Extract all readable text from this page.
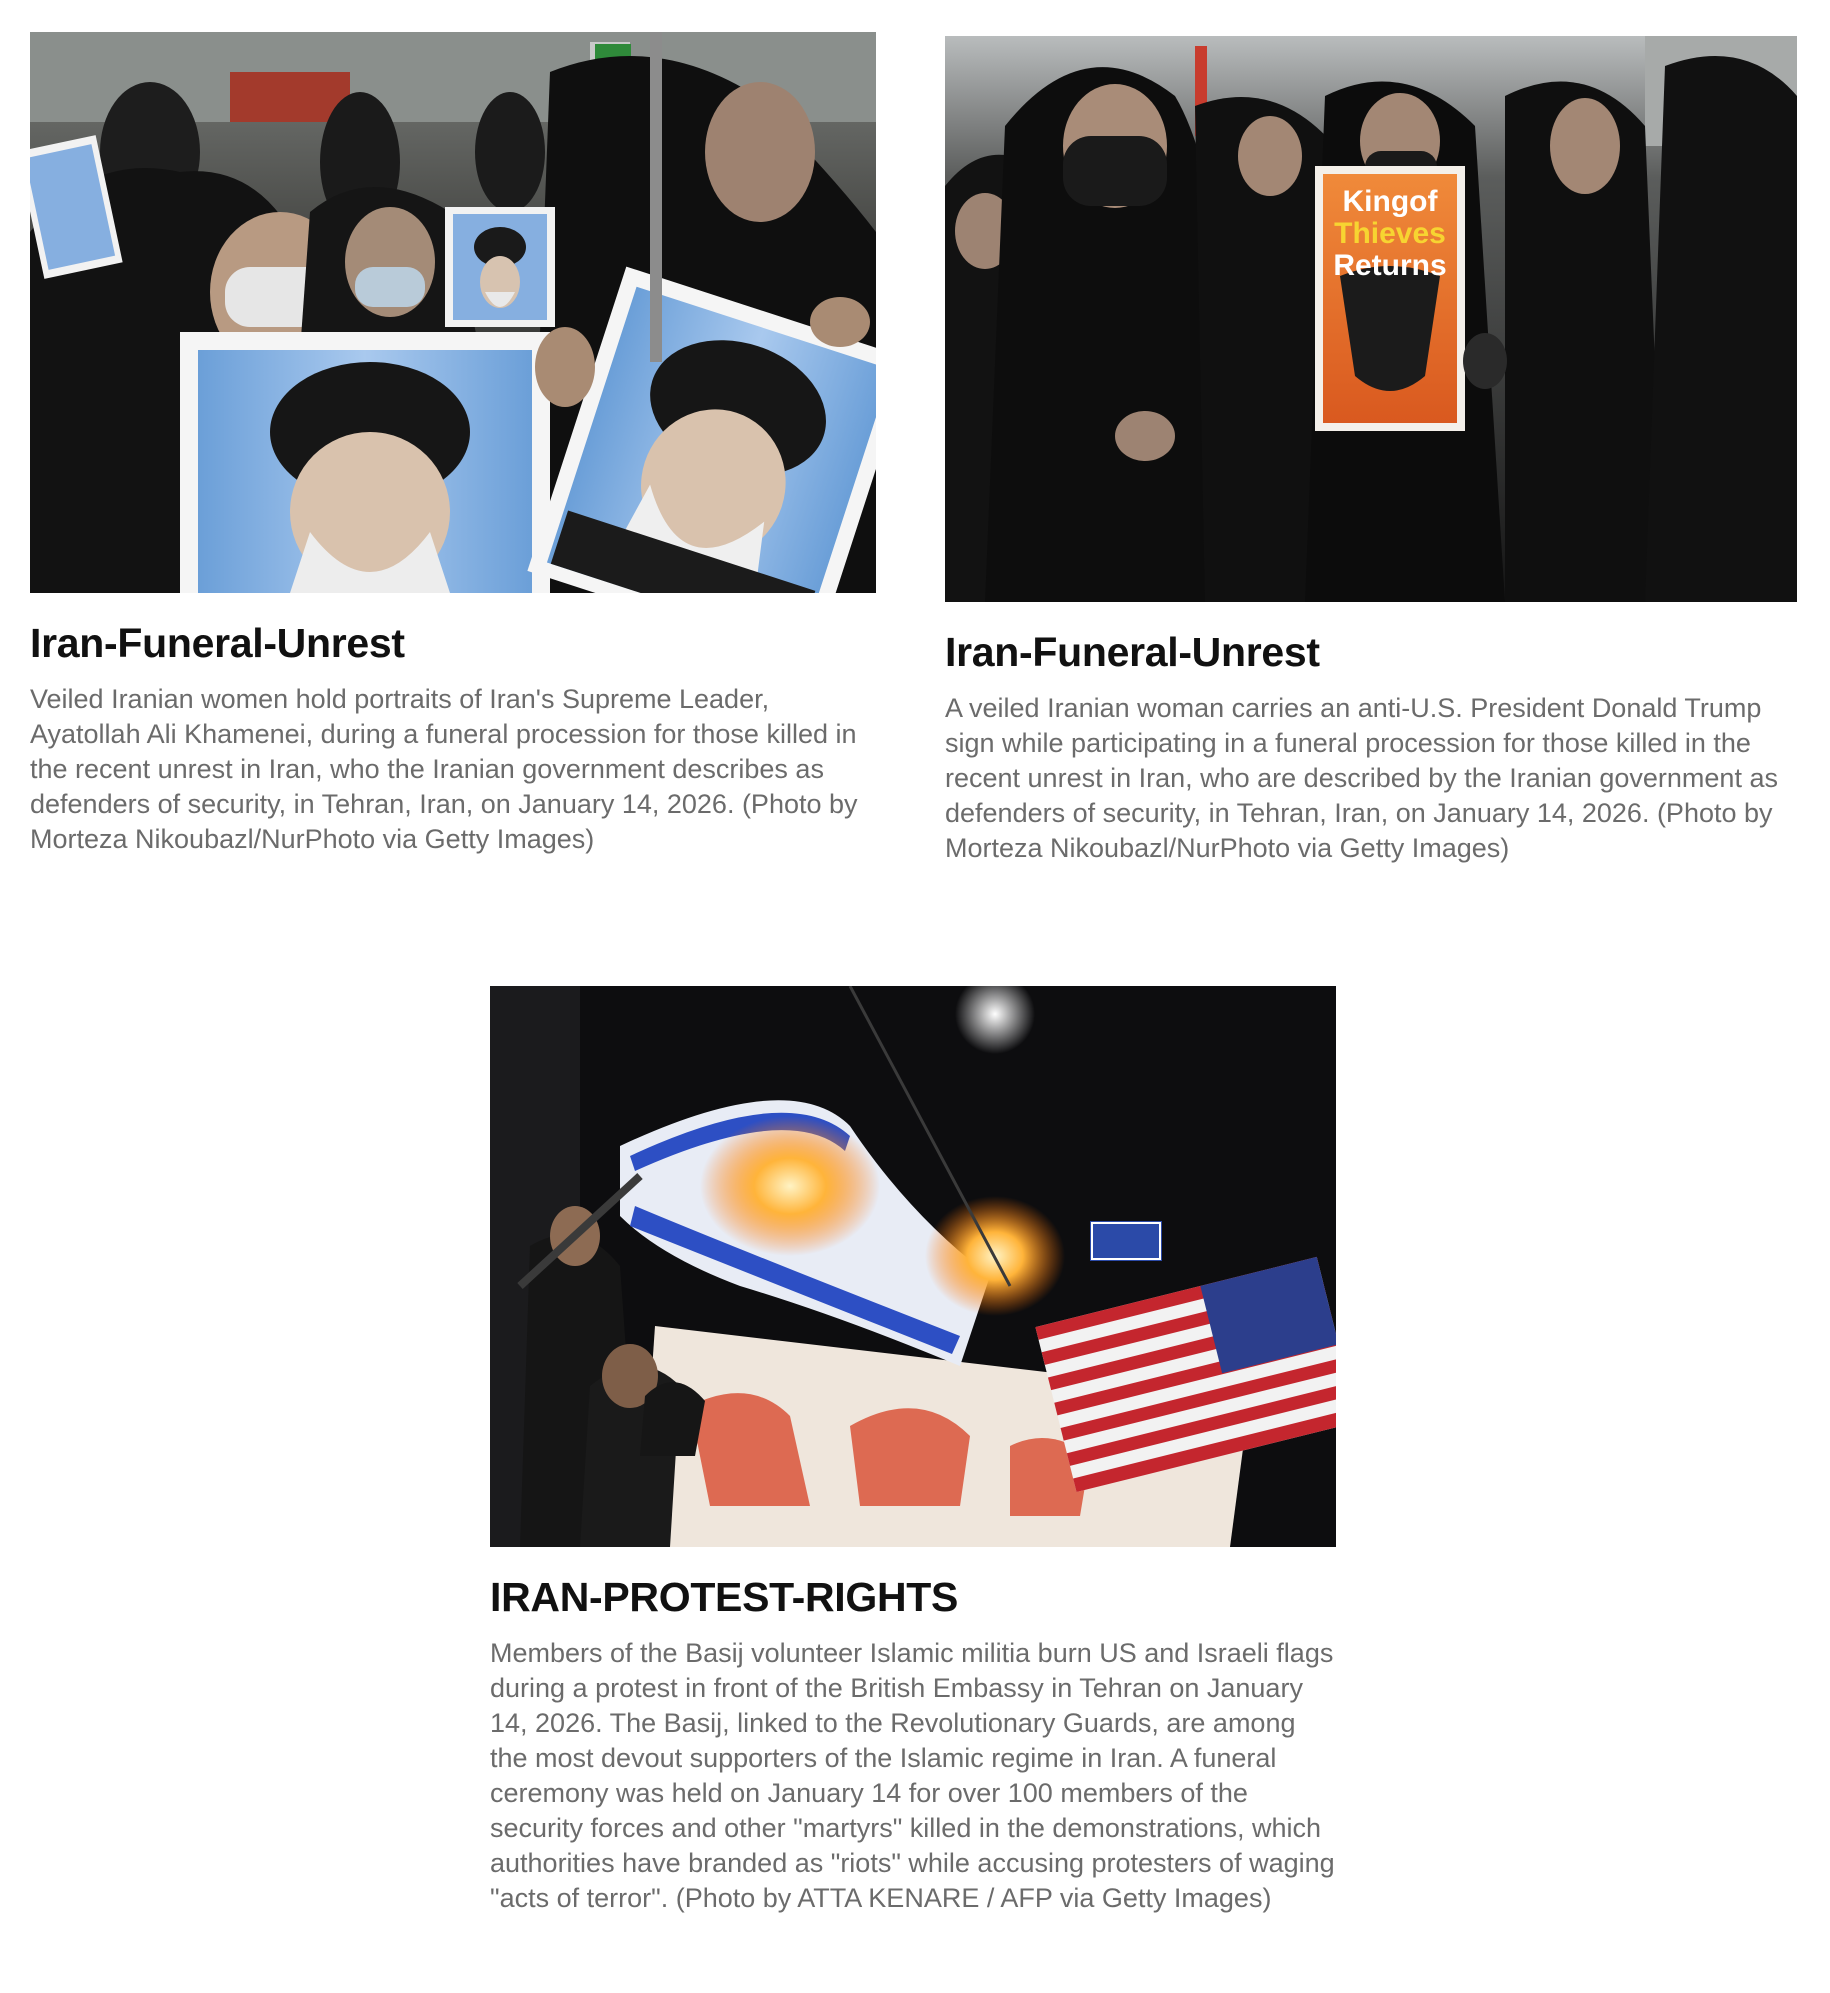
Iran-Funeral-Unrest

Veiled Iranian women hold portraits of Iran's Supreme Leader, Ayatollah Ali Khamenei, during a funeral procession for those killed in the recent unrest in Iran, who the Iranian government describes as defenders of security, in Tehran, Iran, on January 14, 2026. (Photo by Morteza Nikoubazl/NurPhoto via Getty Images)

Kingof
Thieves
Returns
Iran-Funeral-Unrest

A veiled Iranian woman carries an anti-U.S. President Donald Trump sign while participating in a funeral procession for those killed in the recent unrest in Iran, who are described by the Iranian government as defenders of security, in Tehran, Iran, on January 14, 2026. (Photo by Morteza Nikoubazl/NurPhoto via Getty Images)

IRAN-PROTEST-RIGHTS

Members of the Basij volunteer Islamic militia burn US and Israeli flags during a protest in front of the British Embassy in Tehran on January 14, 2026. The Basij, linked to the Revolutionary Guards, are among the most devout supporters of the Islamic regime in Iran. A funeral ceremony was held on January 14 for over 100 members of the security forces and other "martyrs" killed in the demonstrations, which authorities have branded as "riots" while accusing protesters of waging "acts of terror". (Photo by ATTA KENARE / AFP via Getty Images)
